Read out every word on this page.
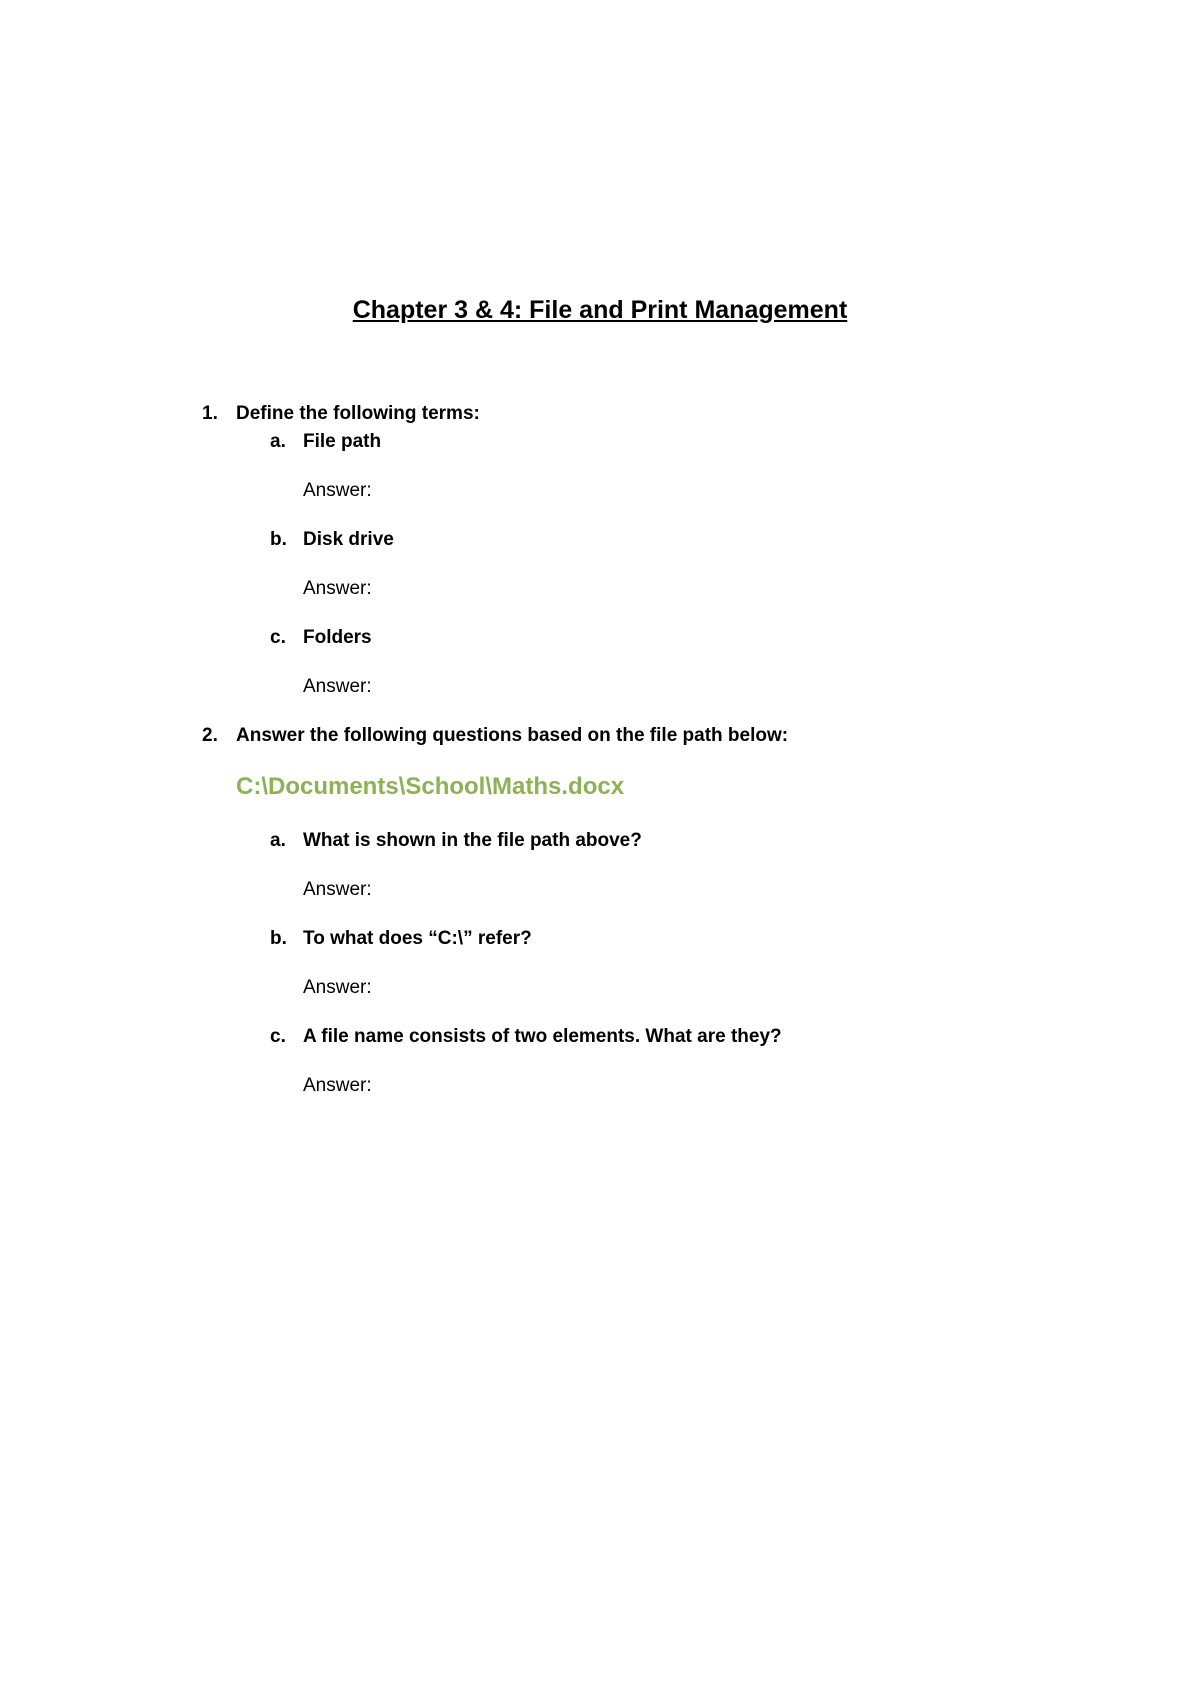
Chapter 3 & 4: File and Print Management
1. Define the following terms:
a. File path
Answer:
b. Disk drive
Answer:
c. Folders
Answer:
2. Answer the following questions based on the file path below:
C:\Documents\School\Maths.docx
a. What is shown in the file path above?
Answer:
b. To what does “C:\” refer?
Answer:
c. A file name consists of two elements. What are they?
Answer:
